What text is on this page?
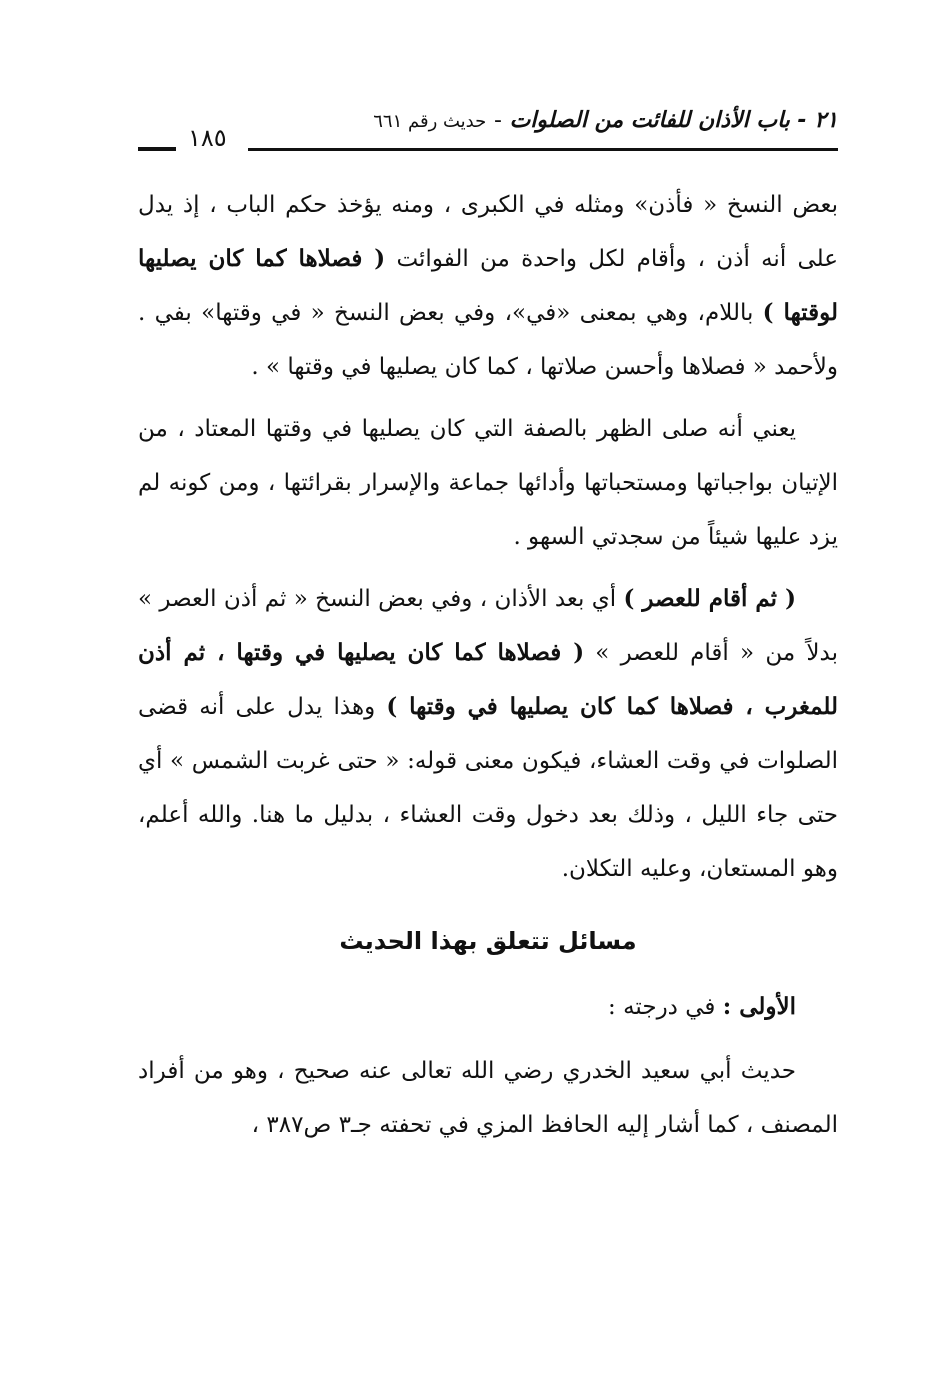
٢١ - باب الأذان للفائت من الصلوات - حديث رقم ٦٦١
١٨٥

بعض النسخ « فأذن» ومثله في الكبرى ، ومنه يؤخذ حكم الباب ، إذ يدل على أنه أذن ، وأقام لكل واحدة من الفوائت ( فصلاها كما كان يصليها لوقتها ) باللام، وهي بمعنى «في»، وفي بعض النسخ « في وقتها» بفي . ولأحمد « فصلاها وأحسن صلاتها ، كما كان يصليها في وقتها » .

يعني أنه صلى الظهر بالصفة التي كان يصليها في وقتها المعتاد ، من الإتيان بواجباتها ومستحباتها وأدائها جماعة والإسرار بقرائتها ، ومن كونه لم يزد عليها شيئاً من سجدتي السهو .

( ثم أقام للعصر ) أي بعد الأذان ، وفي بعض النسخ « ثم أذن العصر » بدلاً من « أقام للعصر » ( فصلاها كما كان يصليها في وقتها ، ثم أذن للمغرب ، فصلاها كما كان يصليها في وقتها ) وهذا يدل على أنه قضى الصلوات في وقت العشاء، فيكون معنى قوله: « حتى غربت الشمس » أي حتى جاء الليل ، وذلك بعد دخول وقت العشاء ، بدليل ما هنا. والله أعلم، وهو المستعان، وعليه التكلان.

مسائل تتعلق بهذا الحديث

الأولى : في درجته :

حديث أبي سعيد الخدري رضي الله تعالى عنه صحيح ، وهو من أفراد المصنف ، كما أشار إليه الحافظ المزي في تحفته جـ٣ ص٣٨٧ ،
